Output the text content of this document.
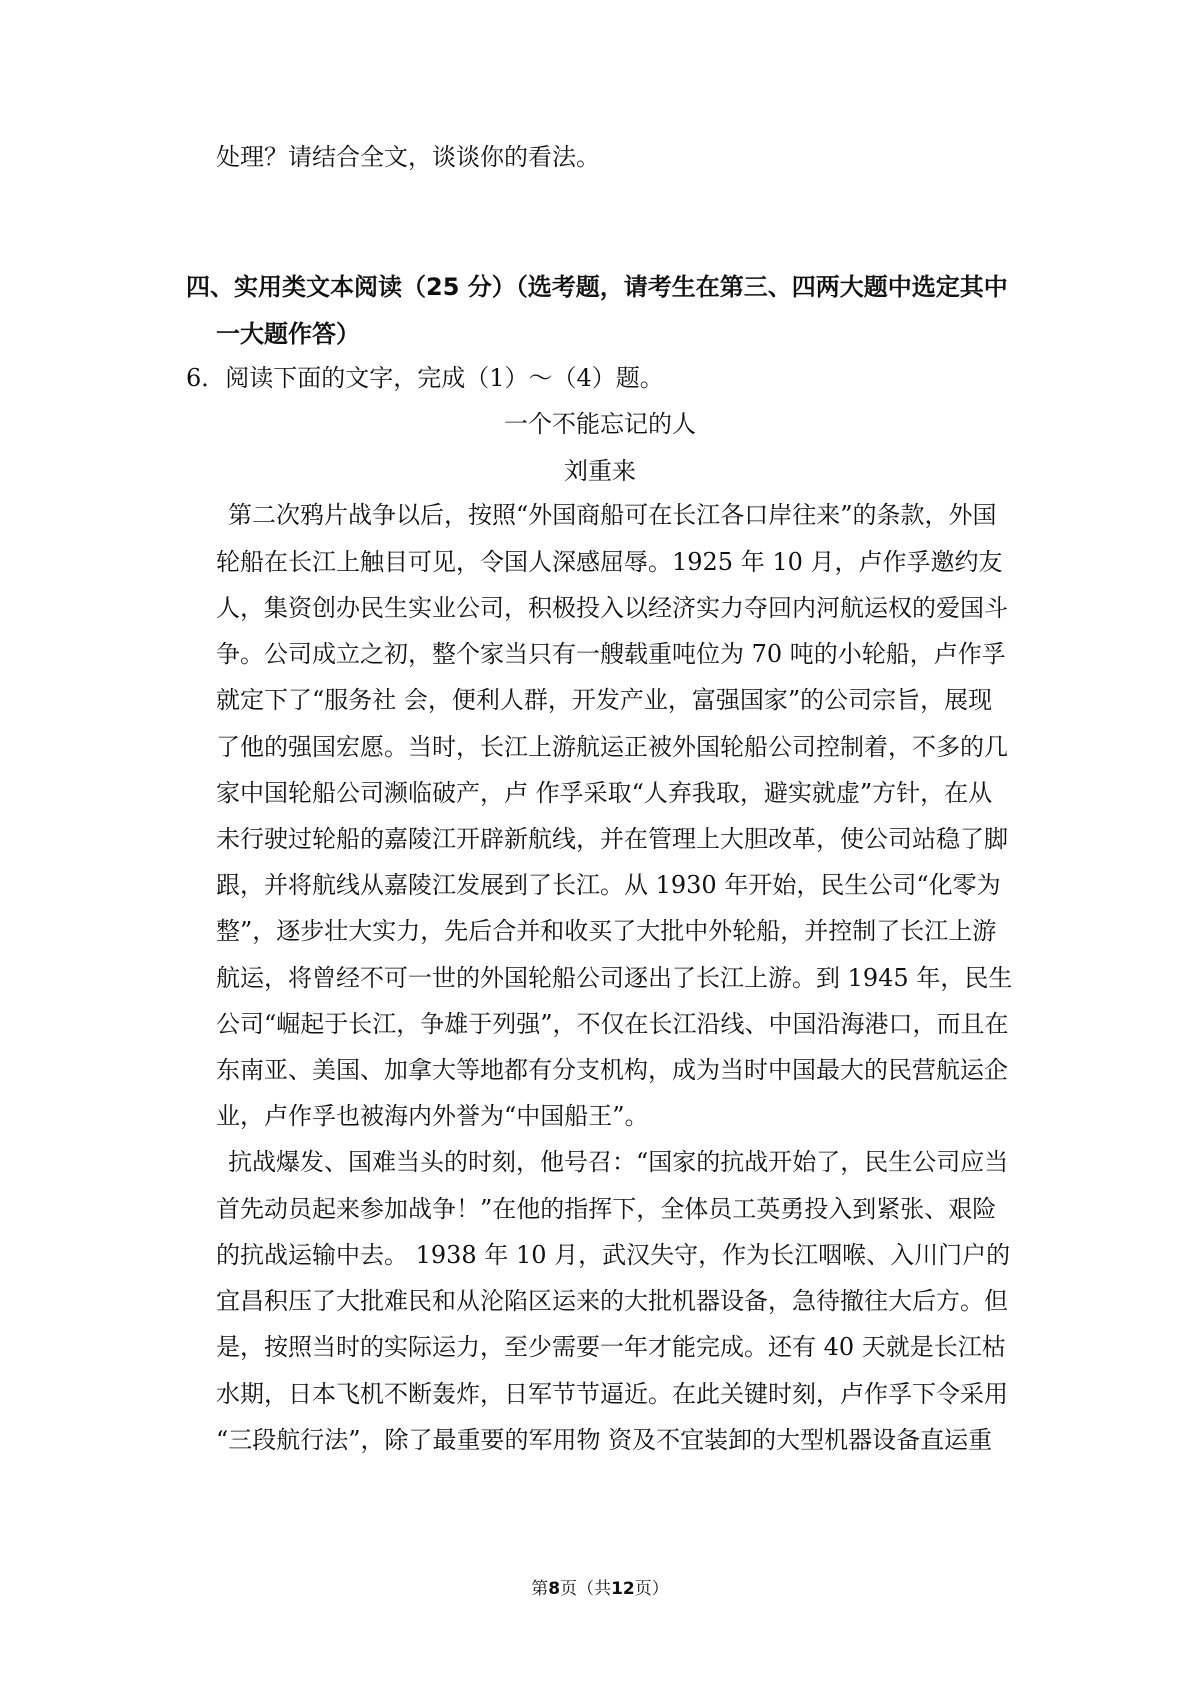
处理？请结合全文，谈谈你的看法。
四、实用类文本阅读（25 分）（选考题，请考生在第三、四两大题中选定其中
一大题作答）
6．阅读下面的文字，完成（1）～（4）题。
一个不能忘记的人
刘重来
第二次鸦片战争以后，按照“外国商船可在长江各口岸往来”的条款，外国
轮船在长江上触目可见，令国人深感屈辱。1925 年 10 月，卢作孚邀约友
人，集资创办民生实业公司，积极投入以经济实力夺回内河航运权的爱国斗
争。公司成立之初，整个家当只有一艘载重吨位为 70 吨的小轮船，卢作孚
就定下了“服务社 会，便利人群，开发产业，富强国家”的公司宗旨，展现
了他的强国宏愿。当时，长江上游航运正被外国轮船公司控制着，不多的几
家中国轮船公司濒临破产，卢 作孚采取“人弃我取，避实就虚”方针，在从
未行驶过轮船的嘉陵江开辟新航线，并在管理上大胆改革，使公司站稳了脚
跟，并将航线从嘉陵江发展到了长江。从 1930 年开始，民生公司“化零为
整”，逐步壮大实力，先后合并和收买了大批中外轮船，并控制了长江上游
航运，将曾经不可一世的外国轮船公司逐出了长江上游。到 1945 年，民生
公司“崛起于长江，争雄于列强”，不仅在长江沿线、中国沿海港口，而且在
东南亚、美国、加拿大等地都有分支机构，成为当时中国最大的民营航运企
业，卢作孚也被海内外誉为“中国船王”。
抗战爆发、国难当头的时刻，他号召：“国家的抗战开始了，民生公司应当
首先动员起来参加战争！”在他的指挥下，全体员工英勇投入到紧张、艰险
的抗战运输中去。 1938 年 10 月，武汉失守，作为长江咽喉、入川门户的
宜昌积压了大批难民和从沦陷区运来的大批机器设备，急待撤往大后方。但
是，按照当时的实际运力，至少需要一年才能完成。还有 40 天就是长江枯
水期，日本飞机不断轰炸，日军节节逼近。在此关键时刻，卢作孚下令采用
“三段航行法”，除了最重要的军用物 资及不宜装卸的大型机器设备直运重
第8页（共12页）
